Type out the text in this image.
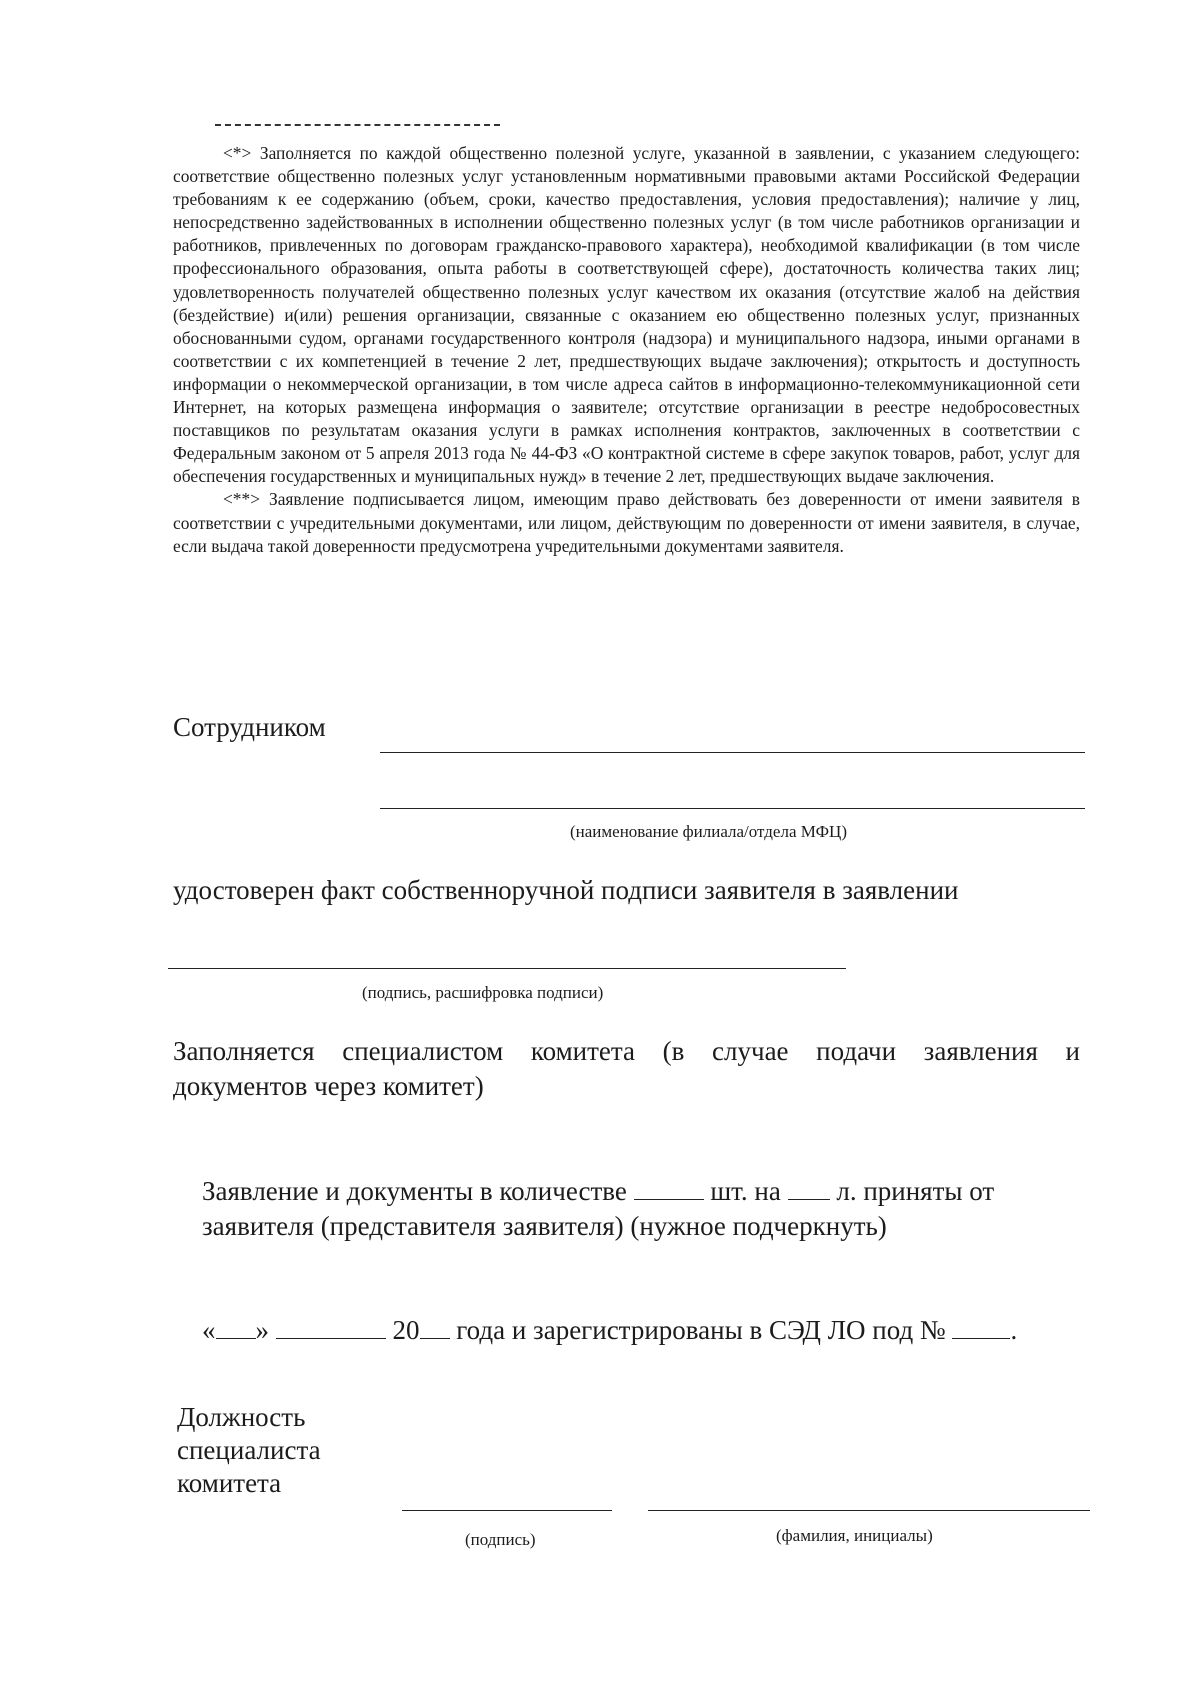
<*> Заполняется по каждой общественно полезной услуге, указанной в заявлении, с указанием следующего: соответствие общественно полезных услуг установленным нормативными правовыми актами Российской Федерации требованиям к ее содержанию (объем, сроки, качество предоставления, условия предоставления); наличие у лиц, непосредственно задействованных в исполнении общественно полезных услуг (в том числе работников организации и работников, привлеченных по договорам гражданско-правового характера), необходимой квалификации (в том числе профессионального образования, опыта работы в соответствующей сфере), достаточность количества таких лиц; удовлетворенность получателей общественно полезных услуг качеством их оказания (отсутствие жалоб на действия (бездействие) и(или) решения организации, связанные с оказанием ею общественно полезных услуг, признанных обоснованными судом, органами государственного контроля (надзора) и муниципального надзора, иными органами в соответствии с их компетенцией в течение 2 лет, предшествующих выдаче заключения); открытость и доступность информации о некоммерческой организации, в том числе адреса сайтов в информационно-телекоммуникационной сети Интернет, на которых размещена информация о заявителе; отсутствие организации в реестре недобросовестных поставщиков по результатам оказания услуги в рамках исполнения контрактов, заключенных в соответствии с Федеральным законом от 5 апреля 2013 года № 44-ФЗ «О контрактной системе в сфере закупок товаров, работ, услуг для обеспечения государственных и муниципальных нужд» в течение 2 лет, предшествующих выдаче заключения.

<**> Заявление подписывается лицом, имеющим право действовать без доверенности от имени заявителя в соответствии с учредительными документами, или лицом, действующим по доверенности от имени заявителя, в случае, если выдача такой доверенности предусмотрена учредительными документами заявителя.

Сотрудником
(наименование филиала/отдела МФЦ)
удостоверен факт собственноручной подписи заявителя в заявлении
(подпись, расшифровка подписи)
Заполняется специалистом комитета (в случае подачи заявления и
документов через комитет)
Заявление и документы в количестве	шт. на л. приняты от
заявителя (представителя заявителя) (нужное подчеркнуть)
« »	20 года и зарегистрированы в СЭД ЛО под № .
Должность
специалиста
комитета
(подпись)	(фамилия, инициалы)
